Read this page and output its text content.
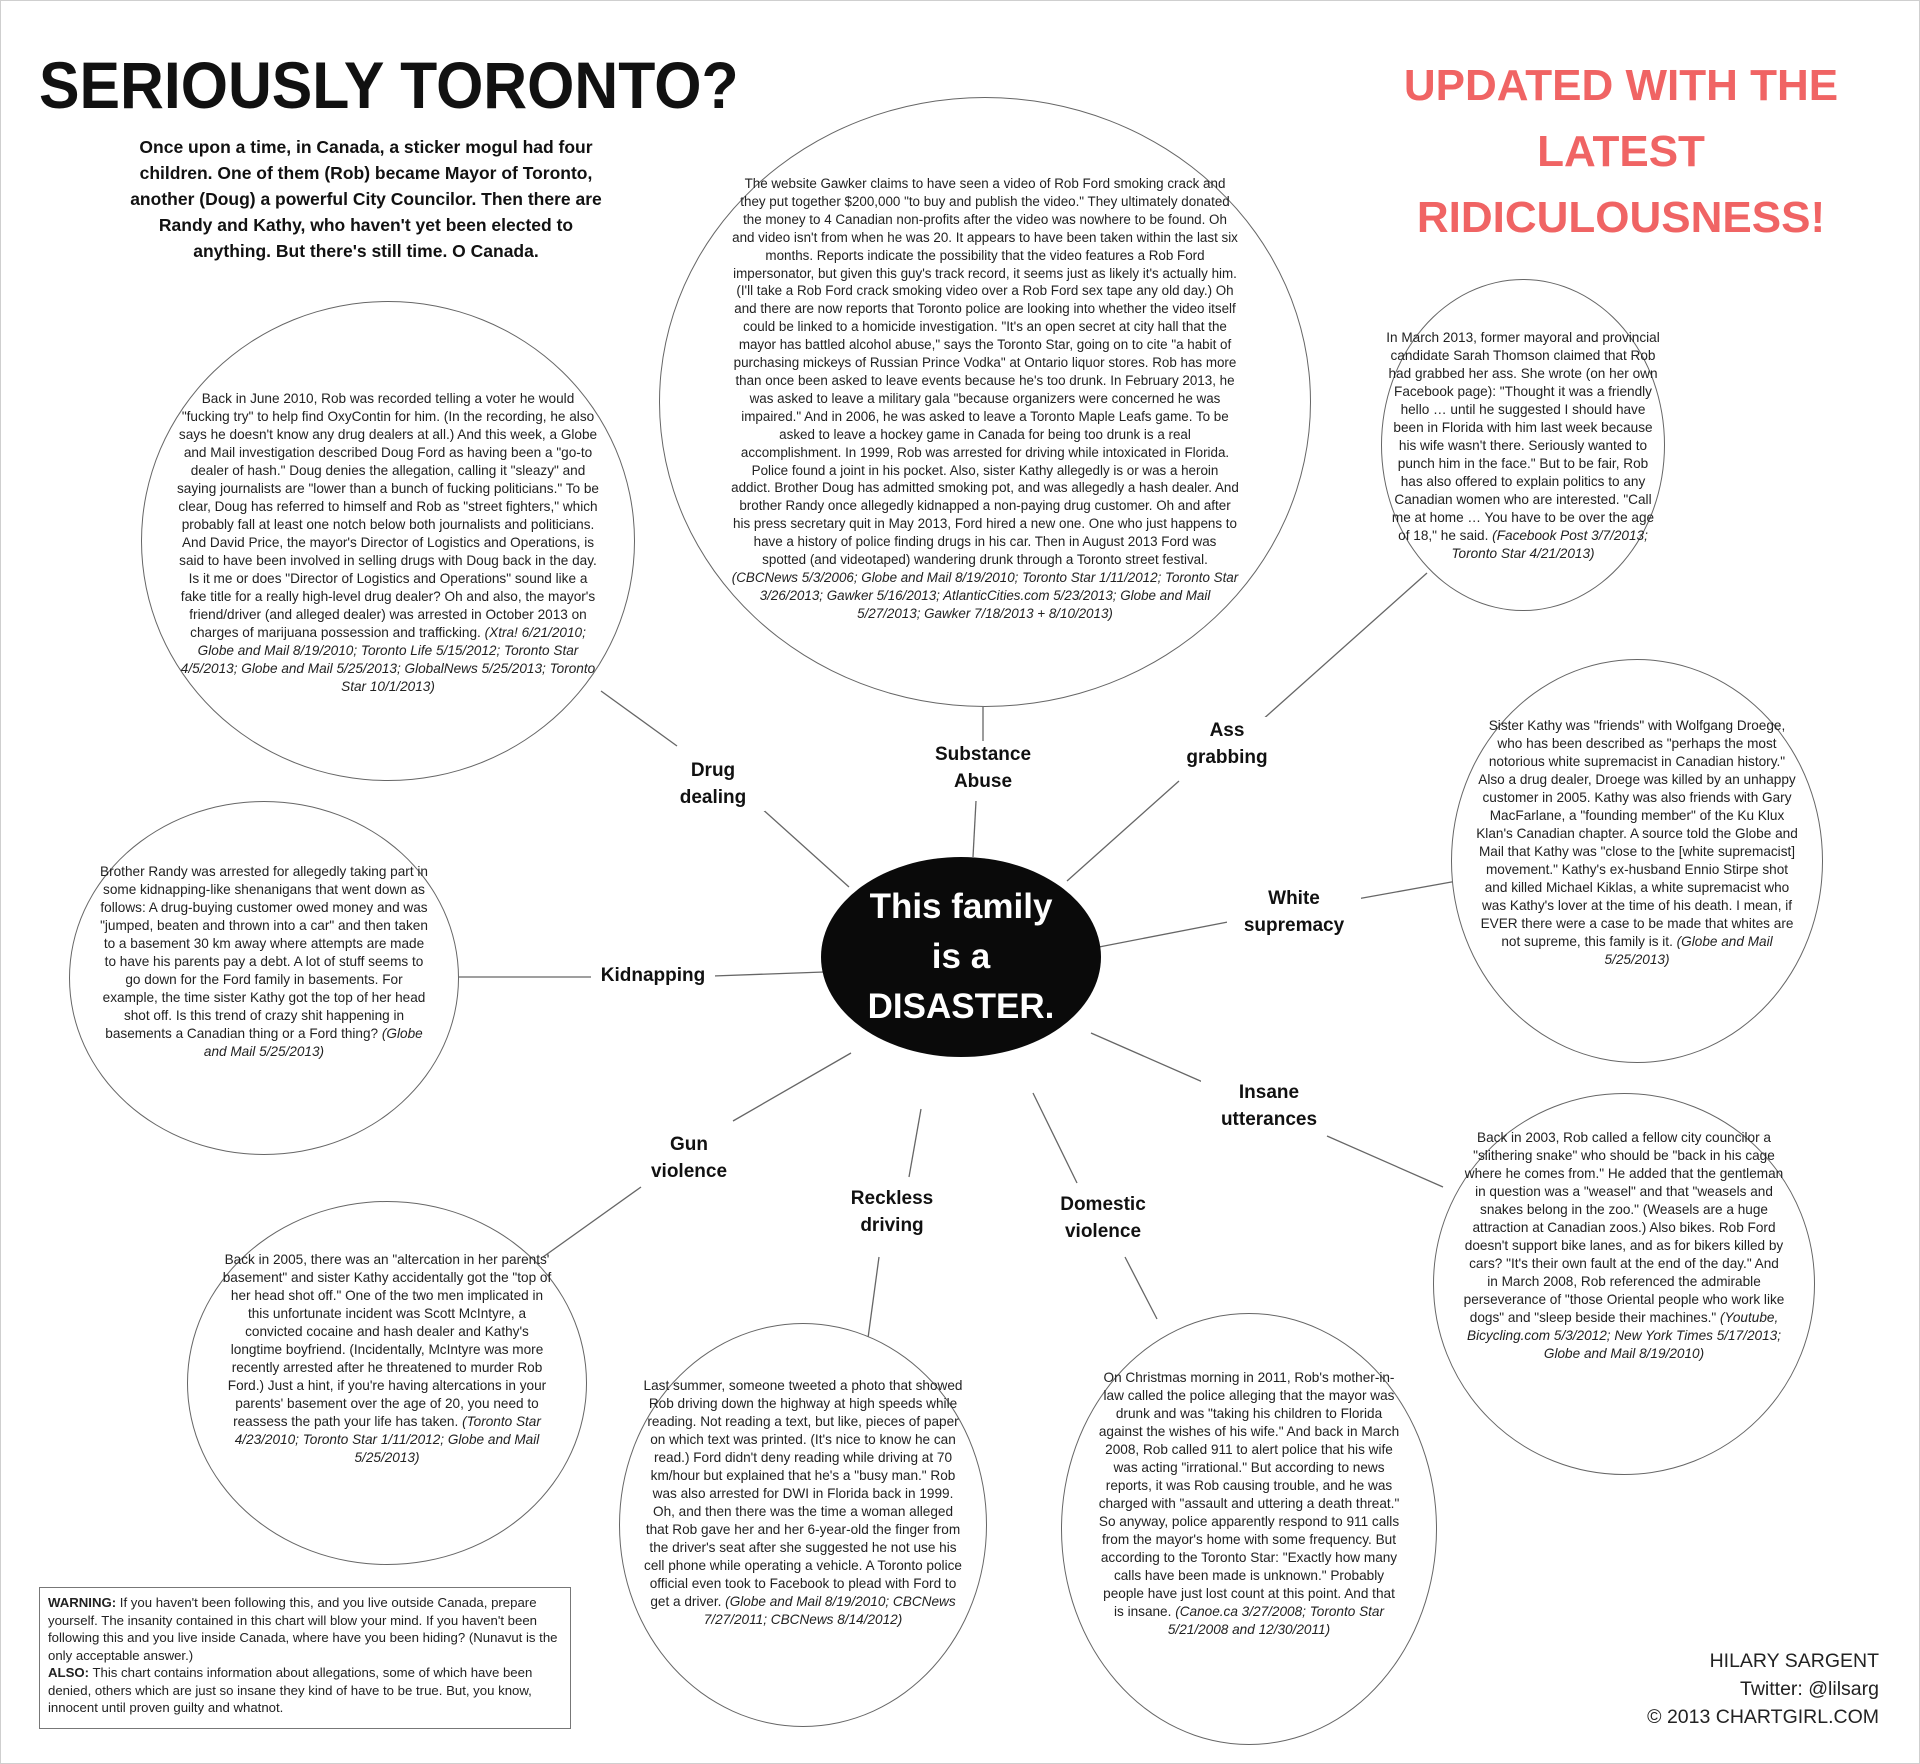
SERIOUSLY TORONTO?
Once upon a time, in Canada, a sticker mogul had four children. One of them (Rob) became Mayor of Toronto, another (Doug) a powerful City Councilor. Then there are Randy and Kathy, who haven't yet been elected to anything. But there's still time. O Canada.
UPDATED WITH THE
LATEST RIDICULOUSNESS!
The website Gawker claims to have seen a video of Rob Ford smoking crack and they put together $200,000 "to buy and publish the video." They ultimately donated the money to 4 Canadian non-profits after the video was nowhere to be found. Oh and video isn't from when he was 20. It appears to have been taken within the last six months. Reports indicate the possibility that the video features a Rob Ford impersonator, but given this guy's track record, it seems just as likely it's actually him. (I'll take a Rob Ford crack smoking video over a Rob Ford sex tape any old day.) Oh and there are now reports that Toronto police are looking into whether the video itself could be linked to a homicide investigation. "It's an open secret at city hall that the mayor has battled alcohol abuse," says the Toronto Star, going on to cite "a habit of purchasing mickeys of Russian Prince Vodka" at Ontario liquor stores. Rob has more than once been asked to leave events because he's too drunk. In February 2013, he was asked to leave a military gala "because organizers were concerned he was impaired." And in 2006, he was asked to leave a Toronto Maple Leafs game. To be asked to leave a hockey game in Canada for being too drunk is a real accomplishment. In 1999, Rob was arrested for driving while intoxicated in Florida. Police found a joint in his pocket. Also, sister Kathy allegedly is or was a heroin addict. Brother Doug has admitted smoking pot, and was allegedly a hash dealer. And brother Randy once allegedly kidnapped a non-paying drug customer. Oh and after his press secretary quit in May 2013, Ford hired a new one. One who just happens to have a history of police finding drugs in his car. Then in August 2013 Ford was spotted (and videotaped) wandering drunk through a Toronto street festival. (CBCNews 5/3/2006; Globe and Mail 8/19/2010; Toronto Star 1/11/2012; Toronto Star 3/26/2013; Gawker 5/16/2013; AtlanticCities.com 5/23/2013; Globe and Mail 5/27/2013; Gawker 7/18/2013 + 8/10/2013)
Back in June 2010, Rob was recorded telling a voter he would "fucking try" to help find OxyContin for him. (In the recording, he also says he doesn't know any drug dealers at all.) And this week, a Globe and Mail investigation described Doug Ford as having been a "go-to dealer of hash." Doug denies the allegation, calling it "sleazy" and saying journalists are "lower than a bunch of fucking politicians." To be clear, Doug has referred to himself and Rob as "street fighters," which probably fall at least one notch below both journalists and politicians. And David Price, the mayor's Director of Logistics and Operations, is said to have been involved in selling drugs with Doug back in the day. Is it me or does "Director of Logistics and Operations" sound like a fake title for a really high-level drug dealer? Oh and also, the mayor's friend/driver (and alleged dealer) was arrested in October 2013 on charges of marijuana possession and trafficking. (Xtra! 6/21/2010; Globe and Mail 8/19/2010; Toronto Life 5/15/2012; Toronto Star 4/5/2013; Globe and Mail 5/25/2013; GlobalNews 5/25/2013; Toronto Star 10/1/2013)
In March 2013, former mayoral and provincial candidate Sarah Thomson claimed that Rob had grabbed her ass. She wrote (on her own Facebook page): "Thought it was a friendly hello … until he suggested I should have been in Florida with him last week because his wife wasn't there. Seriously wanted to punch him in the face." But to be fair, Rob has also offered to explain politics to any Canadian women who are interested. "Call me at home … You have to be over the age of 18," he said. (Facebook Post 3/7/2013; Toronto Star 4/21/2013)
Sister Kathy was "friends" with Wolfgang Droege, who has been described as "perhaps the most notorious white supremacist in Canadian history." Also a drug dealer, Droege was killed by an unhappy customer in 2005. Kathy was also friends with Gary MacFarlane, a "founding member" of the Ku Klux Klan's Canadian chapter. A source told the Globe and Mail that Kathy was "close to the [white supremacist] movement." Kathy's ex-husband Ennio Stirpe shot and killed Michael Kiklas, a white supremacist who was Kathy's lover at the time of his death. I mean, if EVER there were a case to be made that whites are not supreme, this family is it. (Globe and Mail 5/25/2013)
Brother Randy was arrested for allegedly taking part in some kidnapping-like shenanigans that went down as follows: A drug-buying customer owed money and was "jumped, beaten and thrown into a car" and then taken to a basement 30 km away where attempts are made to have his parents pay a debt. A lot of stuff seems to go down for the Ford family in basements. For example, the time sister Kathy got the top of her head shot off. Is this trend of crazy shit happening in basements a Canadian thing or a Ford thing? (Globe and Mail 5/25/2013)
Back in 2003, Rob called a fellow city councilor a "slithering snake" who should be "back in his cage where he comes from." He added that the gentleman in question was a "weasel" and that "weasels and snakes belong in the zoo." (Weasels are a huge attraction at Canadian zoos.) Also bikes. Rob Ford doesn't support bike lanes, and as for bikers killed by cars? "It's their own fault at the end of the day." And in March 2008, Rob referenced the admirable perseverance of "those Oriental people who work like dogs" and "sleep beside their machines." (Youtube, Bicycling.com 5/3/2012; New York Times 5/17/2013; Globe and Mail 8/19/2010)
Back in 2005, there was an "altercation in her parents' basement" and sister Kathy accidentally got the "top of her head shot off." One of the two men implicated in this unfortunate incident was Scott McIntyre, a convicted cocaine and hash dealer and Kathy's longtime boyfriend. (Incidentally, McIntyre was more recently arrested after he threatened to murder Rob Ford.) Just a hint, if you're having altercations in your parents' basement over the age of 20, you need to reassess the path your life has taken. (Toronto Star 4/23/2010; Toronto Star 1/11/2012; Globe and Mail 5/25/2013)
Last summer, someone tweeted a photo that showed Rob driving down the highway at high speeds while reading. Not reading a text, but like, pieces of paper on which text was printed. (It's nice to know he can read.) Ford didn't deny reading while driving at 70 km/hour but explained that he's a "busy man." Rob was also arrested for DWI in Florida back in 1999. Oh, and then there was the time a woman alleged that Rob gave her and her 6-year-old the finger from the driver's seat after she suggested he not use his cell phone while operating a vehicle. A Toronto police official even took to Facebook to plead with Ford to get a driver. (Globe and Mail 8/19/2010; CBCNews 7/27/2011; CBCNews 8/14/2012)
On Christmas morning in 2011, Rob's mother-in-law called the police alleging that the mayor was drunk and was "taking his children to Florida against the wishes of his wife." And back in March 2008, Rob called 911 to alert police that his wife was acting "irrational." But according to news reports, it was Rob causing trouble, and he was charged with "assault and uttering a death threat." So anyway, police apparently respond to 911 calls from the mayor's home with some frequency. But according to the Toronto Star: "Exactly how many calls have been made is unknown." Probably people have just lost count at this point. And that is insane. (Canoe.ca 3/27/2008; Toronto Star 5/21/2008 and 12/30/2011)
This family
is a
DISASTER.
Substance
Abuse
Drug
dealing
Ass
grabbing
White
supremacy
Kidnapping
Insane
utterances
Gun
violence
Reckless
driving
Domestic
violence
WARNING: If you haven't been following this, and you live outside Canada, prepare yourself. The insanity contained in this chart will blow your mind. If you haven't been following this and you live inside Canada, where have you been hiding? (Nunavut is the only acceptable answer.)
ALSO: This chart contains information about allegations, some of which have been denied, others which are just so insane they kind of have to be true. But, you know, innocent until proven guilty and whatnot.
HILARY SARGENT
Twitter: @lilsarg
© 2013 CHARTGIRL.COM
